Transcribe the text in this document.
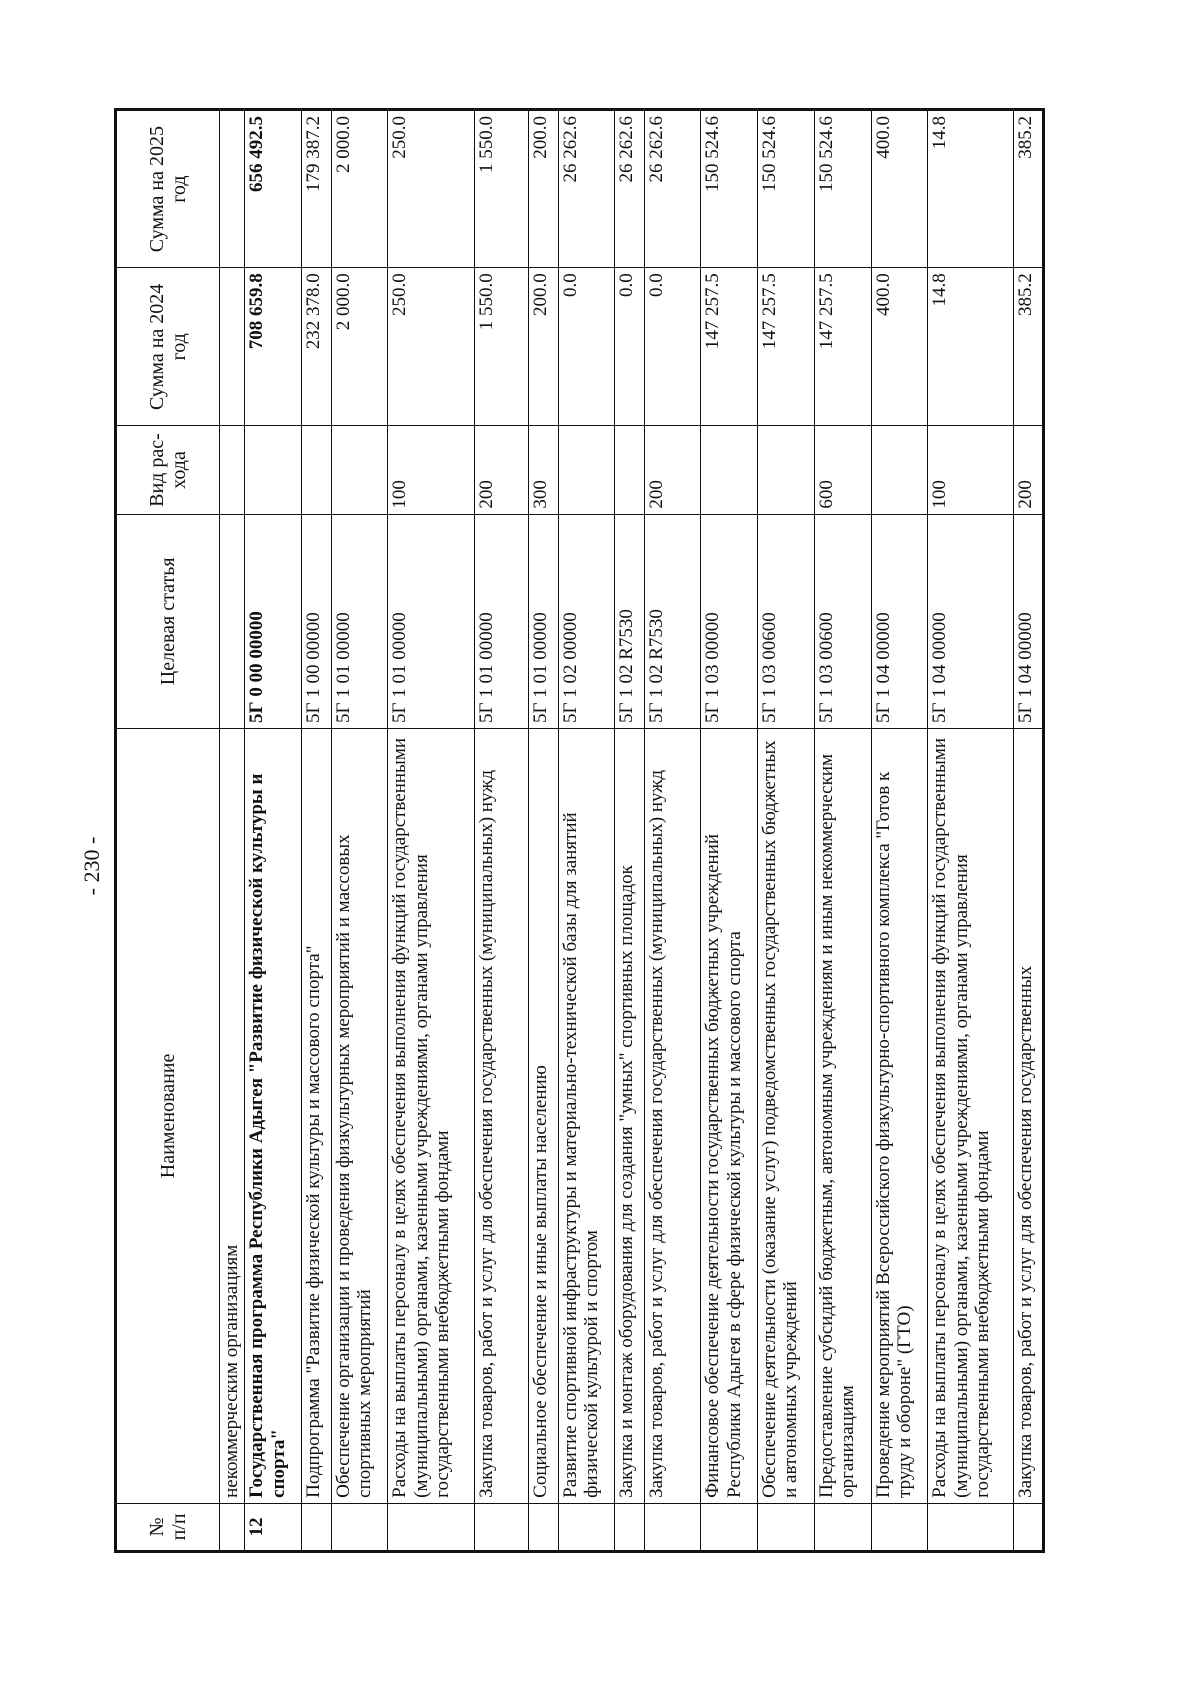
- 230 -
№ п/п	Наименование	Целевая статья	Вид рас- хода	Сумма на 2024 год	Сумма на 2025 год
	некоммерческим организациям				
12	Государственная программа Республики Адыгея "Развитие физической культуры и спорта"	5Г 0 00 00000		708 659.8	656 492.5
	Подпрограмма "Развитие физической культуры и массового спорта"	5Г 1 00 00000		232 378.0	179 387.2
	Обеспечение организации и проведения физкультурных мероприятий и массовых спортивных мероприятий	5Г 1 01 00000		2 000.0	2 000.0
	Расходы на выплаты персоналу в целях обеспечения выполнения функций государственными (муниципальными) органами, казенными учреждениями, органами управления государственными внебюджетными фондами	5Г 1 01 00000	100	250.0	250.0
	Закупка товаров, работ и услуг для обеспечения государственных (муниципальных) нужд	5Г 1 01 00000	200	1 550.0	1 550.0
	Социальное обеспечение и иные выплаты населению	5Г 1 01 00000	300	200.0	200.0
	Развитие спортивной инфраструктуры и материально-технической базы для занятий физической культурой и спортом	5Г 1 02 00000		0.0	26 262.6
	Закупка и монтаж оборудования для создания "умных" спортивных площадок	5Г 1 02 R7530		0.0	26 262.6
	Закупка товаров, работ и услуг для обеспечения государственных (муниципальных) нужд	5Г 1 02 R7530	200	0.0	26 262.6
	Финансовое обеспечение деятельности государственных бюджетных учреждений Республики Адыгея в сфере физической культуры и массового спорта	5Г 1 03 00000		147 257.5	150 524.6
	Обеспечение деятельности (оказание услуг) подведомственных государственных бюджетных и автономных учреждений	5Г 1 03 00600		147 257.5	150 524.6
	Предоставление субсидий бюджетным, автономным учреждениям и иным некоммерческим организациям	5Г 1 03 00600	600	147 257.5	150 524.6
	Проведение мероприятий Всероссийского физкультурно-спортивного комплекса "Готов к труду и обороне" (ГТО)	5Г 1 04 00000		400.0	400.0
	Расходы на выплаты персоналу в целях обеспечения выполнения функций государственными (муниципальными) органами, казенными учреждениями, органами управления государственными внебюджетными фондами	5Г 1 04 00000	100	14.8	14.8
	Закупка товаров, работ и услуг для обеспечения государственных	5Г 1 04 00000	200	385.2	385.2
